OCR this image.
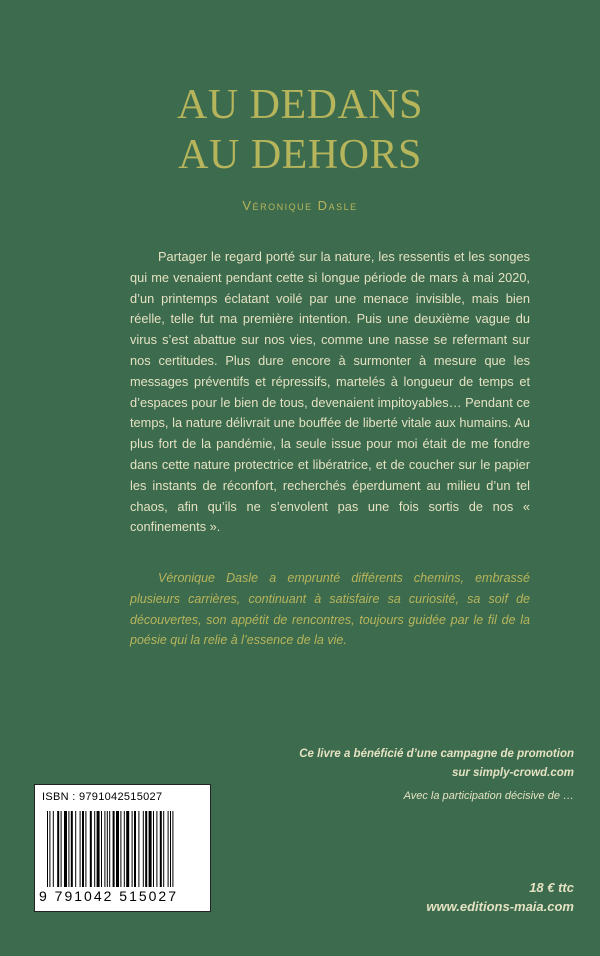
AU DEDANS
AU DEHORS
Véronique Dasle

Partager le regard porté sur la nature, les ressentis et les songes qui me venaient pendant cette si longue période de mars à mai 2020, d’un printemps éclatant voilé par une menace invisible, mais bien réelle, telle fut ma première intention. Puis une deuxième vague du virus s’est abattue sur nos vies, comme une nasse se refermant sur nos certitudes. Plus dure encore à surmonter à mesure que les messages préventifs et répressifs, martelés à longueur de temps et d’espaces pour le bien de tous, devenaient impitoyables… Pendant ce temps, la nature délivrait une bouffée de liberté vitale aux humains. Au plus fort de la pandémie, la seule issue pour moi était de me fondre dans cette nature protectrice et libératrice, et de coucher sur le papier les instants de réconfort, recherchés éperdument au milieu d’un tel chaos, afin qu’ils ne s’envolent pas une fois sortis de nos « confinements ».

Véronique Dasle a emprunté différents chemins, embrassé plusieurs carrières, continuant à satisfaire sa curiosité, sa soif de découvertes, son appétit de rencontres, toujours guidée par le fil de la poésie qui la relie à l’essence de la vie.

Ce livre a bénéficié d’une campagne de promotion
sur simply-crowd.com
Avec la participation décisive de …
ISBN : 9791042515027
9 791042 515027
18 € ttc
www.editions-maia.com
